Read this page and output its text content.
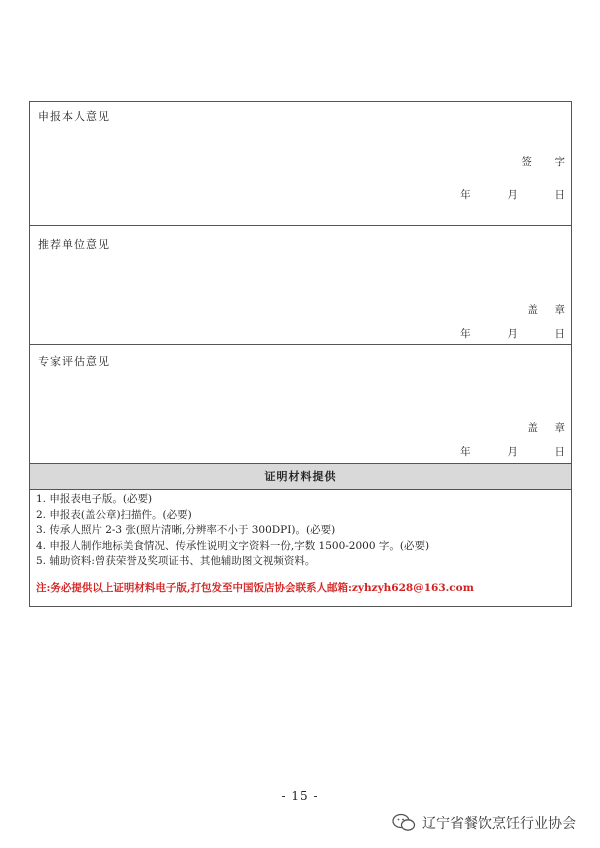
申报本人意见
签 字
年	月	日
推荐单位意见
盖 章
年	月	日
专家评估意见
盖 章
年	月	日
证明材料提供
1. 申报表电子版。(必要)
2. 申报表(盖公章)扫描件。(必要)
3. 传承人照片 2-3 张(照片清晰,分辨率不小于 300DPI)。(必要)
4. 申报人制作地标美食情况、传承性说明文字资料一份,字数 1500-2000 字。(必要)
5. 辅助资料:曾获荣誉及奖项证书、其他辅助图文视频资料。
注:务必提供以上证明材料电子版,打包发至中国饭店协会联系人邮箱:zyhzyh628@163.com
- 15 -
辽宁省餐饮烹饪行业协会
